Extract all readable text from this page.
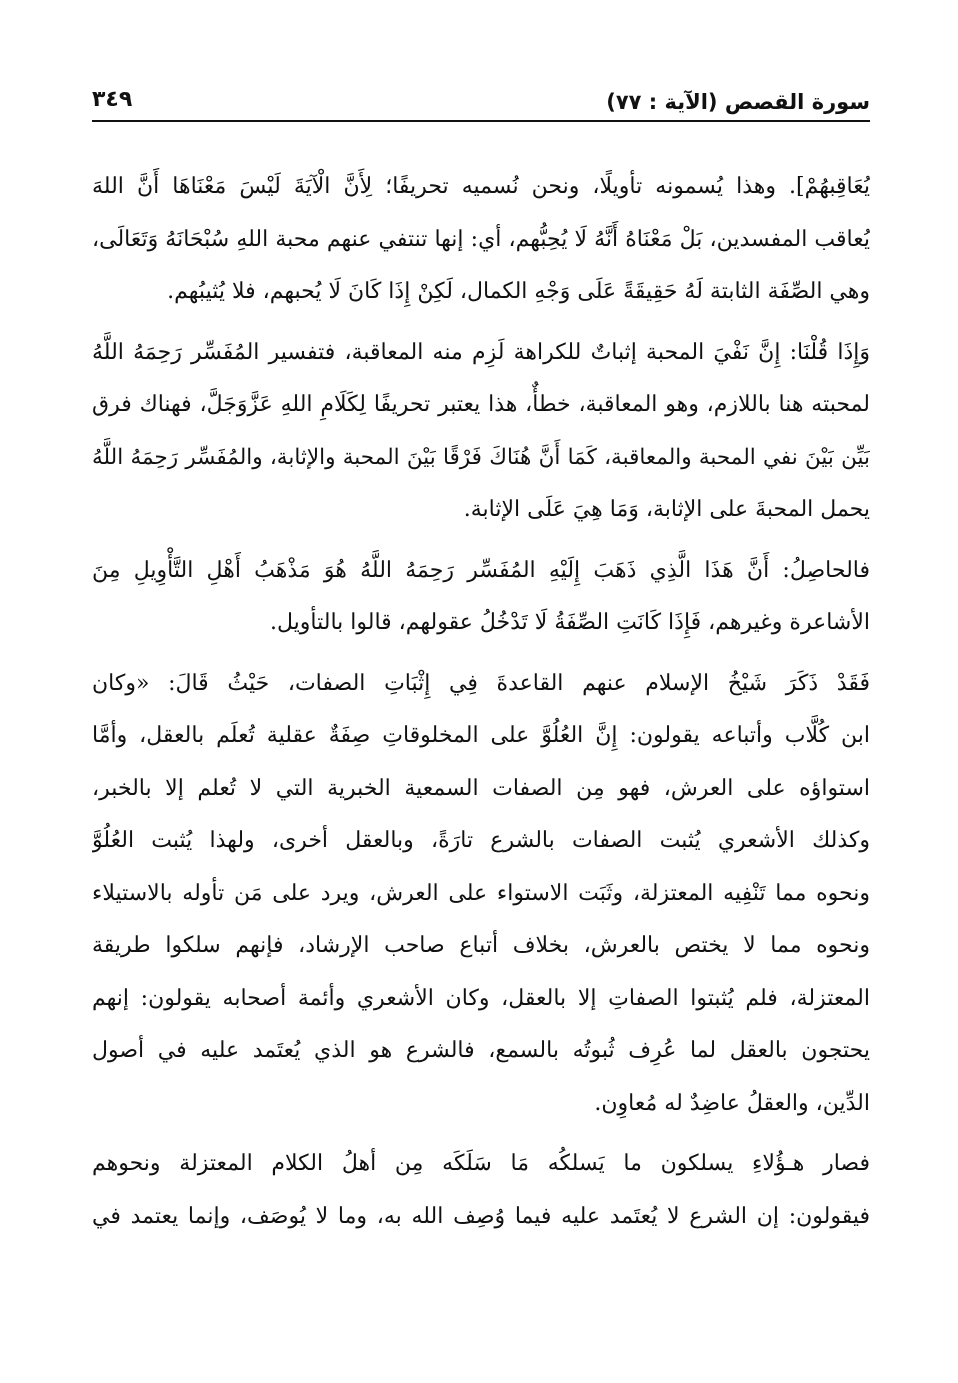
سورة القصص (الآية : ٧٧)
٣٤٩
يُعَاقِبهُمْ]. وهذا يُسمونه تأويلًا، ونحن نُسميه تحريفًا؛ لِأَنَّ الْآيَةَ لَيْسَ مَعْنَاهَا أَنَّ اللهَ
يُعاقب المفسدين، بَلْ مَعْنَاهُ أَنَّهُ لَا يُحِبُّهم، أي: إنها تنتفي عنهم محبة اللهِ سُبْحَانَهُ وَتَعَالَى،
وهي الصِّفَة الثابتة لَهُ حَقِيقَةً عَلَى وَجْهِ الكمال، لَكِنْ إِذَا كَانَ لَا يُحبهم، فلا يُثيبُهم.
وَإِذَا قُلْنَا: إِنَّ نَفْيَ المحبة إثباتٌ للكراهة لَزِم منه المعاقبة، فتفسير المُفَسِّر رَحِمَهُ اللَّهُ
لمحبته هنا باللازم، وهو المعاقبة، خطأٌ، هذا يعتبر تحريفًا لِكَلَامِ اللهِ عَزَّوَجَلَّ، فهناك فرق
بَيِّن بَيْنَ نفي المحبة والمعاقبة، كَمَا أَنَّ هُنَاكَ فَرْقًا بَيْنَ المحبة والإثابة، والمُفَسِّر رَحِمَهُ اللَّهُ
يحمل المحبةَ على الإثابة، وَمَا هِيَ عَلَى الإثابة.
فالحاصِلُ: أَنَّ هَذَا الَّذِي ذَهَبَ إِلَيْهِ المُفَسِّر رَحِمَهُ اللَّهُ هُوَ مَذْهَبُ أَهْلِ التَّأْوِيلِ مِنَ
الأشاعرة وغيرهم، فَإِذَا كَانَتِ الصِّفَةُ لَا تَدْخُلُ عقولهم، قالوا بالتأويل.
فَقَدْ ذَكَرَ شَيْخُ الإسلام عنهم القاعدةَ فِي إِثْبَاتِ الصفات، حَيْثُ قَالَ: «وكان
ابن كُلَّاب وأتباعه يقولون: إِنَّ العُلُوَّ على المخلوقاتِ صِفَةٌ عقلية تُعلَم بالعقل، وأمَّا
استواؤه على العرش، فهو مِن الصفات السمعية الخبرية التي لا تُعلم إلا بالخبر،
وكذلك الأشعري يُثبت الصفات بالشرع تارَةً، وبالعقل أخرى، ولهذا يُثبت العُلُوَّ
ونحوه مما تَنْفِيه المعتزلة، وثَبَت الاستواء على العرش، ويرد على مَن تأوله بالاستيلاء
ونحوه مما لا يختص بالعرش، بخلاف أتباع صاحب الإرشاد، فإنهم سلكوا طريقة
المعتزلة، فلم يُثبتوا الصفاتِ إلا بالعقل، وكان الأشعري وأئمة أصحابه يقولون: إنهم
يحتجون بالعقل لما عُرِف ثُبوتُه بالسمع، فالشرع هو الذي يُعتَمد عليه في أصول
الدِّين، والعقلُ عاضِدٌ له مُعاوِن.
فصار هـؤُلاءِ يسلكون ما يَسلكُه مَا سَلَكَه مِن أهلُ الكلام المعتزلة ونحوهم
فيقولون: إن الشرع لا يُعتَمد عليه فيما وُصِف الله به، وما لا يُوصَف، وإنما يعتمد في
